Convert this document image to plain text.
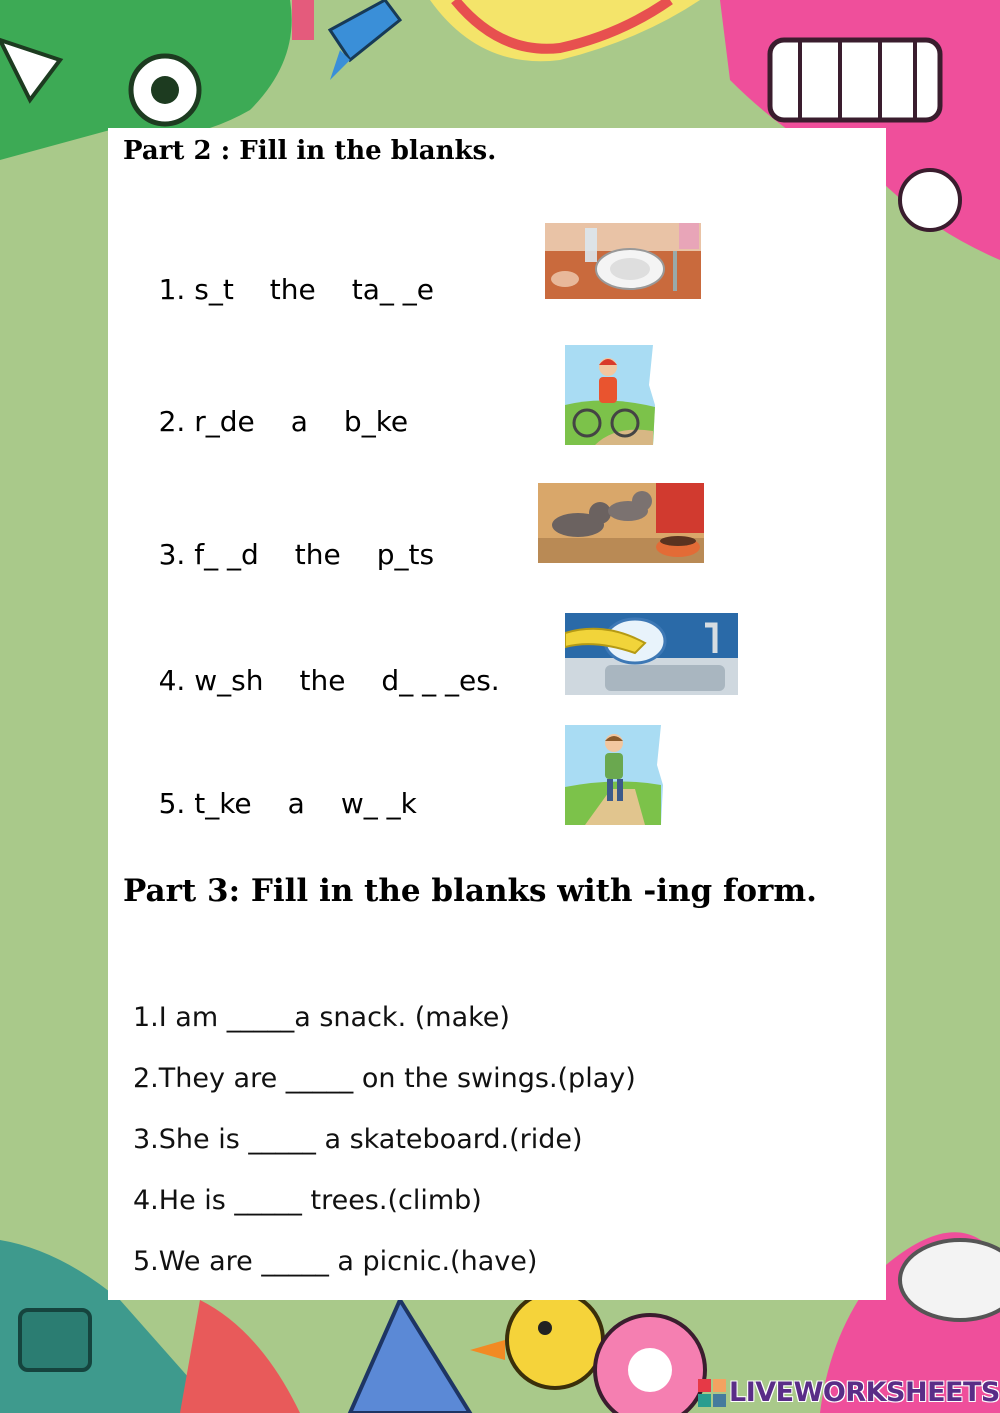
Part 2 : Fill in the blanks.

1. s_t the ta_ _e

2. r_de a b_ke

3. f_ _d the p_ts

4. w_sh the d_ _ _es.

5. t_ke a w_ _k

Part 3: Fill in the blanks with -ing form.
1.I am _____a snack. (make)
2.They are _____ on the swings.(play)
3.She is _____ a skateboard.(ride)
4.He is _____ trees.(climb)
5.We are _____ a picnic.(have)
LIVEWORKSHEETS
